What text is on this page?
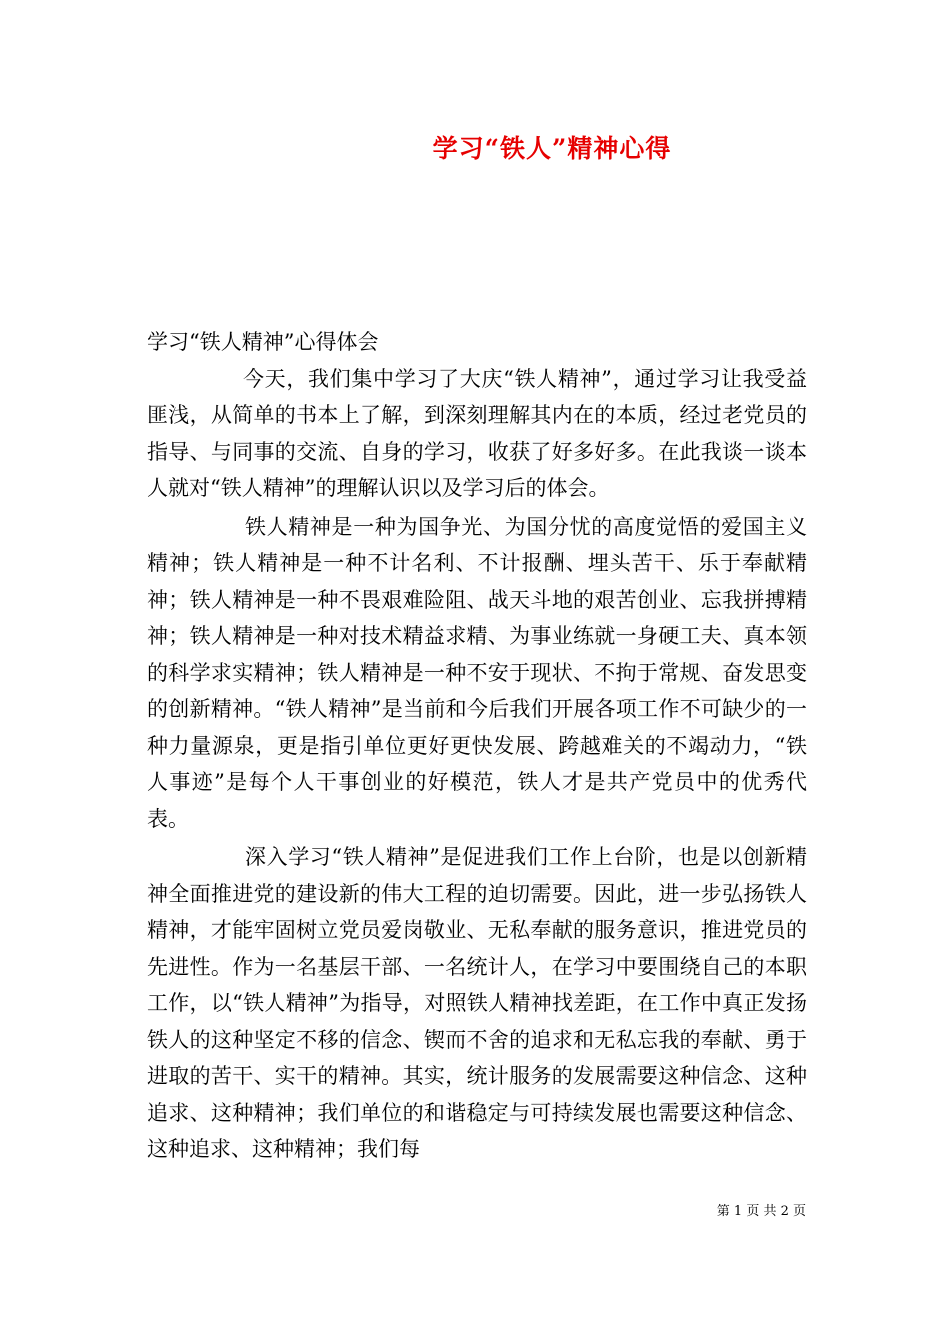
学习“铁人”精神心得

学习“铁人精神”心得体会

今天，我们集中学习了大庆“铁人精神”，通过学习让我受益匪浅，从简单的书本上了解，到深刻理解其内在的本质，经过老党员的指导、与同事的交流、自身的学习，收获了好多好多。在此我谈一谈本人就对“铁人精神”的理解认识以及学习后的体会。

铁人精神是一种为国争光、为国分忧的高度觉悟的爱国主义精神；铁人精神是一种不计名利、不计报酬、埋头苦干、乐于奉献精神；铁人精神是一种不畏艰难险阻、战天斗地的艰苦创业、忘我拼搏精神；铁人精神是一种对技术精益求精、为事业练就一身硬工夫、真本领的科学求实精神；铁人精神是一种不安于现状、不拘于常规、奋发思变的创新精神。“铁人精神”是当前和今后我们开展各项工作不可缺少的一种力量源泉，更是指引单位更好更快发展、跨越难关的不竭动力，“铁人事迹”是每个人干事创业的好模范，铁人才是共产党员中的优秀代表。

深入学习“铁人精神”是促进我们工作上台阶，也是以创新精神全面推进党的建设新的伟大工程的迫切需要。因此，进一步弘扬铁人精神，才能牢固树立党员爱岗敬业、无私奉献的服务意识，推进党员的先进性。作为一名基层干部、一名统计人，在学习中要围绕自己的本职工作，以“铁人精神”为指导，对照铁人精神找差距，在工作中真正发扬铁人的这种坚定不移的信念、锲而不舍的追求和无私忘我的奉献、勇于进取的苦干、实干的精神。其实，统计服务的发展需要这种信念、这种追求、这种精神；我们单位的和谐稳定与可持续发展也需要这种信念、这种追求、这种精神；我们每

第 1 页 共 2 页
